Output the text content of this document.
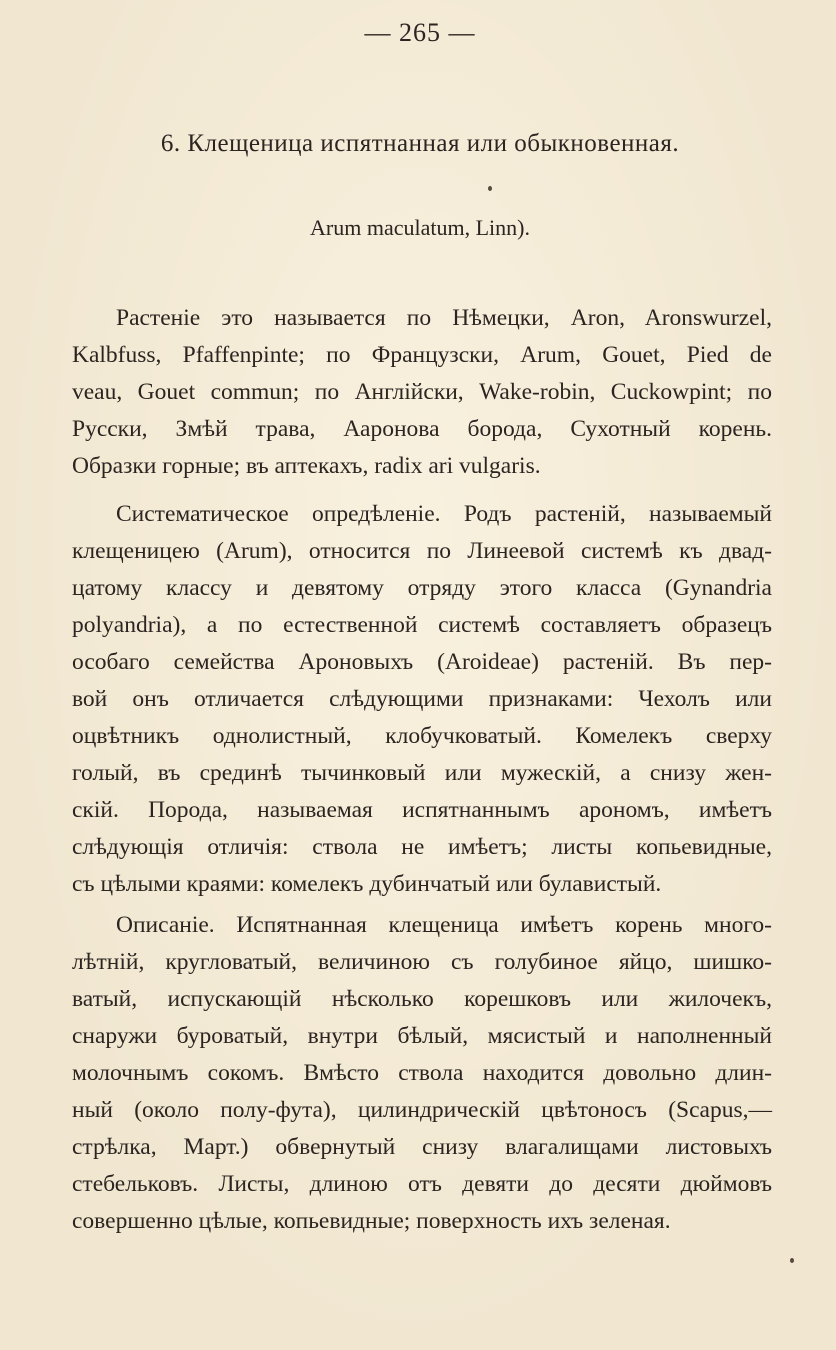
— 265 —
6. Клещеница испятнанная или обыкновенная.
Arum maculatum, Linn).
Растеніе это называется по Нѣмецки, Aron, Aronswurzel,
Kalbfuss, Pfaffenpinte; по Французски, Arum, Gouet, Pied de
veau, Gouet commun; по Англійски, Wake-robin, Cuckowpint; по
Русски, Змѣй трава, Ааронова борода, Сухотный корень.
Образки горные; въ аптекахъ, radix ari vulgaris.
Систематическое опредѣленіе. Родъ растеній, называемый
клещеницею (Arum), относится по Линеевой системѣ къ двад-
цатому классу и девятому отряду этого класса (Gynandria
polyandria), а по естественной системѣ составляетъ образецъ
особаго семейства Ароновыхъ (Aroideae) растеній. Въ пер-
вой онъ отличается слѣдующими признаками: Чехолъ или
оцвѣтникъ однолистный, клобучковатый. Комелекъ сверху
голый, въ срединѣ тычинковый или мужескій, а снизу жен-
скій. Порода, называемая испятнаннымъ арономъ, имѣетъ
слѣдующія отличія: ствола не имѣетъ; листы копьевидные,
съ цѣлыми краями: комелекъ дубинчатый или булавистый.
Описаніе. Испятнанная клещеница имѣетъ корень много-
лѣтній, кругловатый, величиною съ голубиное яйцо, шишко-
ватый, испускающій нѣсколько корешковъ или жилочекъ,
снаружи буроватый, внутри бѣлый, мясистый и наполненный
молочнымъ сокомъ. Вмѣсто ствола находится довольно длин-
ный (около полу-фута), цилиндрическій цвѣтоносъ (Scapus,—
стрѣлка, Март.) обвернутый снизу влагалищами листовыхъ
стебельковъ. Листы, длиною отъ девяти до десяти дюймовъ
совершенно цѣлые, копьевидные; поверхность ихъ зеленая.
